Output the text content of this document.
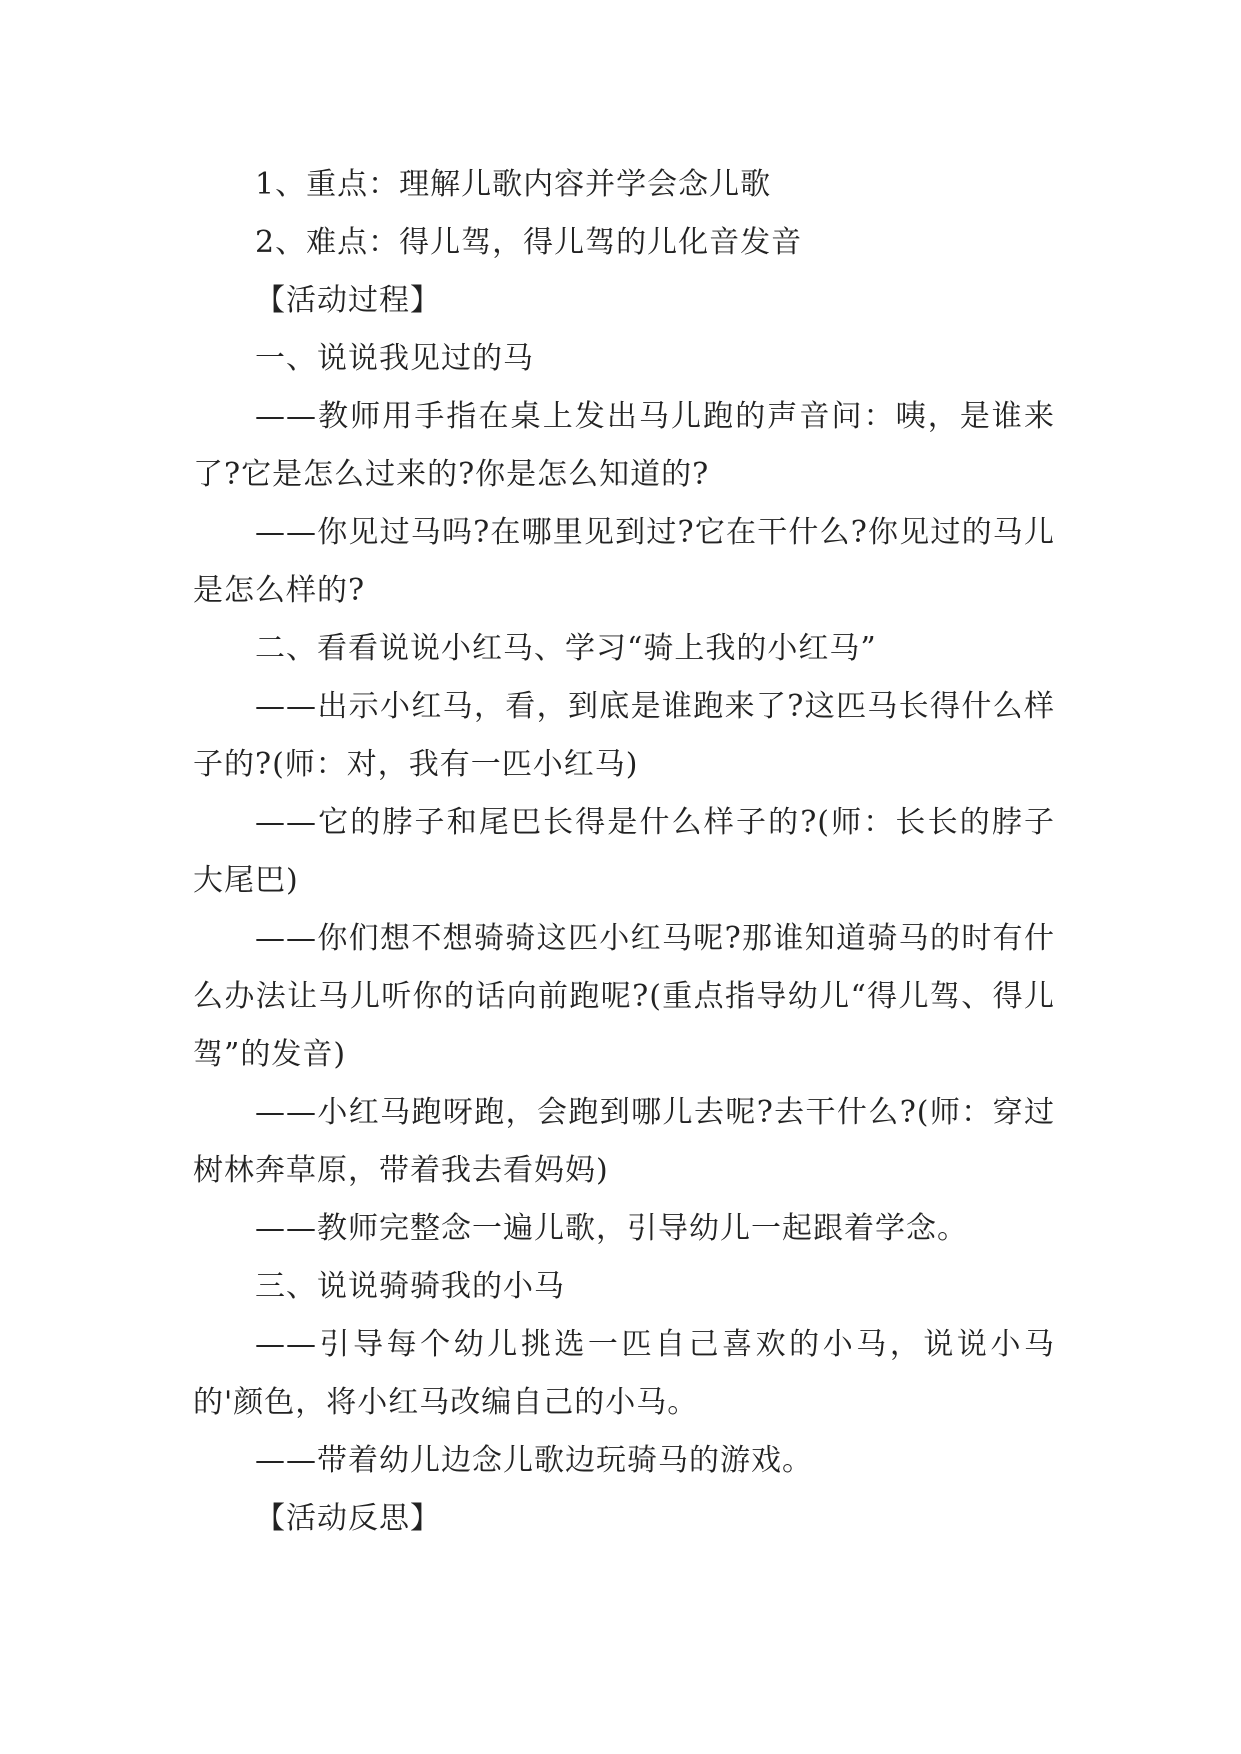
1、重点：理解儿歌内容并学会念儿歌

2、难点：得儿驾，得儿驾的儿化音发音

【活动过程】

一、说说我见过的马

——教师用手指在桌上发出马儿跑的声音问：咦，是谁来了?它是怎么过来的?你是怎么知道的?

——你见过马吗?在哪里见到过?它在干什么?你见过的马儿是怎么样的?

二、看看说说小红马、学习“骑上我的小红马”

——出示小红马，看，到底是谁跑来了?这匹马长得什么样子的?(师：对，我有一匹小红马)

——它的脖子和尾巴长得是什么样子的?(师：长长的脖子大尾巴)

——你们想不想骑骑这匹小红马呢?那谁知道骑马的时有什么办法让马儿听你的话向前跑呢?(重点指导幼儿“得儿驾、得儿驾”的发音)

——小红马跑呀跑，会跑到哪儿去呢?去干什么?(师：穿过树林奔草原，带着我去看妈妈)

——教师完整念一遍儿歌，引导幼儿一起跟着学念。

三、说说骑骑我的小马

——引导每个幼儿挑选一匹自己喜欢的小马，说说小马的'颜色，将小红马改编自己的小马。

——带着幼儿边念儿歌边玩骑马的游戏。

【活动反思】
